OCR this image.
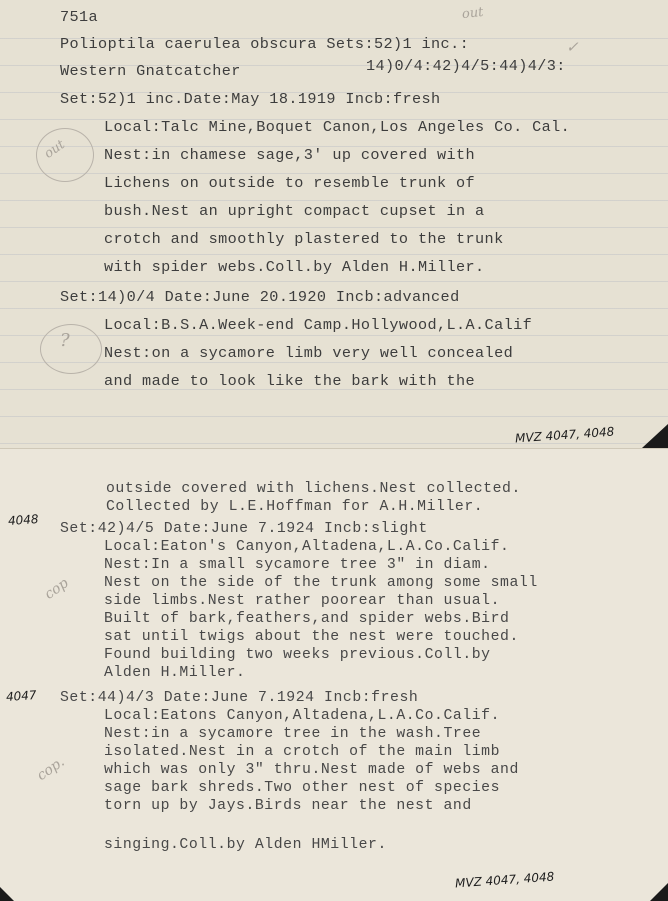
751a
Polioptila caerulea obscura Sets:52)1 inc.:
Western Gnatcatcher	14)0/4:42)4/5:44)4/3:
Set:52)1 inc.Date:May 18.1919 Incb:fresh
Local:Talc Mine,Boquet Canon,Los Angeles Co. Cal.
Nest:in chamese sage,3' up covered with
Lichens on outside to resemble trunk of
bush.Nest an upright compact cupset in a
crotch and smoothly plastered to the trunk
with spider webs.Coll.by Alden H.Miller.
Set:14)0/4 Date:June 20.1920 Incb:advanced
Local:B.S.A.Week-end Camp.Hollywood,L.A.Calif
Nest:on a sycamore limb very well concealed
and made to look like the bark with the
out
✓
out
?
MVZ 4047, 4048
outside covered with lichens.Nest collected.
Collected by L.E.Hoffman for A.H.Miller.
Set:42)4/5 Date:June 7.1924 Incb:slight
Local:Eaton's Canyon,Altadena,L.A.Co.Calif.
Nest:In a small sycamore tree 3" in diam.
Nest on the side of the trunk among some small
side limbs.Nest rather poorear than usual.
Built of bark,feathers,and spider webs.Bird
sat until twigs about the nest were touched.
Found building two weeks previous.Coll.by
Alden H.Miller.
Set:44)4/3 Date:June 7.1924 Incb:fresh
Local:Eatons Canyon,Altadena,L.A.Co.Calif.
Nest:in a sycamore tree in the wash.Tree
isolated.Nest in a crotch of the main limb
which was only 3" thru.Nest made of webs and
sage bark shreds.Two other nest of species
torn up by Jays.Birds near the nest and
singing.Coll.by Alden HMiller.
4048
4047
cop
cop.
MVZ 4047, 4048
